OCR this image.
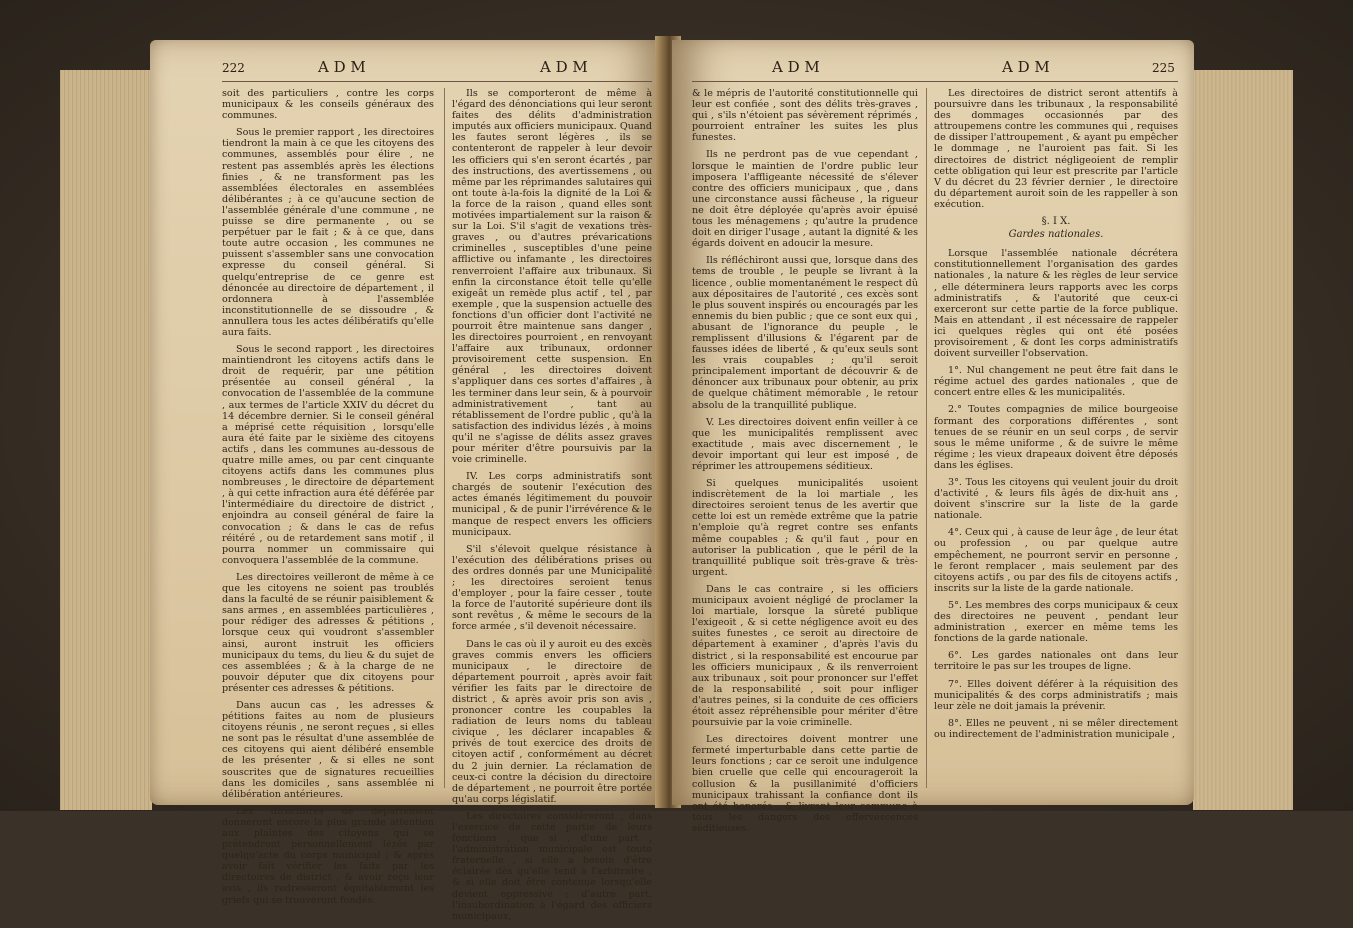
222	A D M	A D M

soit des particuliers , contre les corps municipaux & les conseils généraux des communes.

Sous le premier rapport , les directoires tiendront la main à ce que les citoyens des communes, assemblés pour élire , ne restent pas assemblés après les élections finies , & ne transforment pas les assemblées électorales en assemblées délibérantes ; à ce qu'aucune section de l'assemblée générale d'une commune , ne puisse se dire permanente , ou se perpétuer par le fait ; & à ce que, dans toute autre occasion , les communes ne puissent s'assembler sans une convocation expresse du conseil général. Si quelqu'entreprise de ce genre est dénoncée au directoire de département , il ordonnera à l'assemblée inconstitutionnelle de se dissoudre , & annullera tous les actes délibératifs qu'elle aura faits.

Sous le second rapport , les directoires maintiendront les citoyens actifs dans le droit de requérir, par une pétition présentée au conseil général , la convocation de l'assemblée de la commune , aux termes de l'article XXIV du décret du 14 décembre dernier. Si le conseil général a méprisé cette réquisition , lorsqu'elle aura été faite par le sixième des citoyens actifs , dans les communes au-dessous de quatre mille ames, ou par cent cinquante citoyens actifs dans les communes plus nombreuses , le directoire de département , à qui cette infraction aura été déférée par l'intermédiaire du directoire de district , enjoindra au conseil général de faire la convocation ; & dans le cas de refus réitéré , ou de retardement sans motif , il pourra nommer un commissaire qui convoquera l'assemblée de la commune.

Les directoires veilleront de même à ce que les citoyens ne soient pas troublés dans la faculté de se réunir paisiblement & sans armes , en assemblées particulières , pour rédiger des adresses & pétitions , lorsque ceux qui voudront s'assembler ainsi, auront instruit les officiers municipaux du tems, du lieu & du sujet de ces assemblées ; & à la charge de ne pouvoir députer que dix citoyens pour présenter ces adresses & pétitions.

Dans aucun cas , les adresses & pétitions faites au nom de plusieurs citoyens réunis , ne seront reçues , si elles ne sont pas le résultat d'une assemblée de ces citoyens qui aient délibéré ensemble de les présenter , & si elles ne sont souscrites que de signatures recueillies dans les domiciles , sans assemblée ni délibération antérieures.

Les directoires de département donneront encore la plus grande attention aux plaintes des citoyens qui se prétendront personnellement lézés par quelqu'acte du corps municipal ; & après avoir fait vérifier les faits par les directoires de district , & avoir reçu leur avis , ils redresseront équitablement les griefs qui se trouveront fondés.

Ils se comporteront de même à l'égard des dénonciations qui leur seront faites des délits d'administration imputés aux officiers municipaux. Quand les fautes seront légères , ils se contenteront de rappeler à leur devoir les officiers qui s'en seront écartés , par des instructions, des avertissemens , ou même par les réprimandes salutaires qui ont toute à-la-fois la dignité de la Loi & la force de la raison , quand elles sont motivées impartialement sur la raison & sur la Loi. S'il s'agit de vexations très-graves , ou d'autres prévarications criminelles , susceptibles d'une peine afflictive ou infamante , les directoires renverroient l'affaire aux tribunaux. Si enfin la circonstance étoit telle qu'elle exigeât un remède plus actif , tel , par exemple , que la suspension actuelle des fonctions d'un officier dont l'activité ne pourroit être maintenue sans danger , les directoires pourroient , en renvoyant l'affaire aux tribunaux, ordonner provisoirement cette suspension. En général , les directoires doivent s'appliquer dans ces sortes d'affaires , à les terminer dans leur sein, & à pourvoir administrativement , tant au rétablissement de l'ordre public , qu'à la satisfaction des individus lézés , à moins qu'il ne s'agisse de délits assez graves pour mériter d'être poursuivis par la voie criminelle.

IV. Les corps administratifs sont chargés de soutenir l'exécution des actes émanés légitimement du pouvoir municipal , & de punir l'irrévérence & le manque de respect envers les officiers municipaux.

S'il s'élevoit quelque résistance à l'exécution des délibérations prises ou des ordres donnés par une Municipalité ; les directoires seroient tenus d'employer , pour la faire cesser , toute la force de l'autorité supérieure dont ils sont revêtus , & même le secours de la force armée , s'il devenoit nécessaire.

Dans le cas où il y auroit eu des excès graves commis envers les officiers municipaux , le directoire de département pourroit , après avoir fait vérifier les faits par le directoire de district , & après avoir pris son avis , prononcer contre les coupables la radiation de leurs noms du tableau civique , les déclarer incapables & privés de tout exercice des droits de citoyen actif , conformément au décret du 2 juin dernier. La réclamation de ceux-ci contre la décision du directoire de département , ne pourroit être portée qu'au corps législatif.

Les directoires considéreront , dans l'exercice de cette partie de leurs fonctions , que si , d'une part , l'administration municipale est toute fraternelle , si elle a besoin d'être éclairée dès qu'elle tend à l'arbitraire , & si elle doit être contenue lorsqu'elle devient oppressive ; d'autre part, l'insubordination à l'égard des officiers municipaux,

A D M	A D M	225

& le mépris de l'autorité constitutionnelle qui leur est confiée , sont des délits très-graves , qui , s'ils n'étoient pas sévèrement réprimés , pourroient entraîner les suites les plus funestes.

Ils ne perdront pas de vue cependant , lorsque le maintien de l'ordre public leur imposera l'affligeante nécessité de s'élever contre des officiers municipaux , que , dans une circonstance aussi fâcheuse , la rigueur ne doit être déployée qu'après avoir épuisé tous les ménagemens ; qu'autre la prudence doit en diriger l'usage , autant la dignité & les égards doivent en adoucir la mesure.

Ils réfléchiront aussi que, lorsque dans des tems de trouble , le peuple se livrant à la licence , oublie momentanément le respect dû aux dépositaires de l'autorité , ces excès sont le plus souvent inspirés ou encouragés par les ennemis du bien public ; que ce sont eux qui , abusant de l'ignorance du peuple , le remplissent d'illusions & l'égarent par de fausses idées de liberté , & qu'eux seuls sont les vrais coupables ; qu'il seroit principalement important de découvrir & de dénoncer aux tribunaux pour obtenir, au prix de quelque châtiment mémorable , le retour absolu de la tranquillité publique.

V. Les directoires doivent enfin veiller à ce que les municipalités remplissent avec exactitude , mais avec discernement , le devoir important qui leur est imposé , de réprimer les attroupemens séditieux.

Si quelques municipalités usoient indiscrètement de la loi martiale , les directoires seroient tenus de les avertir que cette loi est un remède extrême que la patrie n'emploie qu'à regret contre ses enfants même coupables ; & qu'il faut , pour en autoriser la publication , que le péril de la tranquillité publique soit très-grave & très-urgent.

Dans le cas contraire , si les officiers municipaux avoient négligé de proclamer la loi martiale, lorsque la sûreté publique l'exigeoit , & si cette négligence avoit eu des suites funestes , ce seroit au directoire de département à examiner , d'après l'avis du district , si la responsabilité est encourue par les officiers municipaux , & ils renverroient aux tribunaux , soit pour prononcer sur l'effet de la responsabilité , soit pour infliger d'autres peines, si la conduite de ces officiers étoit assez répréhensible pour mériter d'être poursuivie par la voie criminelle.

Les directoires doivent montrer une fermeté imperturbable dans cette partie de leurs fonctions ; car ce seroit une indulgence bien cruelle que celle qui encourageroit la collusion & la pusillanimité d'officiers municipaux trahissant la confiance dont ils ont été honorés , & livrant leur commune à tous les dangers des effervescences séditieuses.

Les directoires de district seront attentifs à poursuivre dans les tribunaux , la responsabilité des dommages occasionnés par des attroupemens contre les communes qui , requises de dissiper l'attroupement , & ayant pu empêcher le dommage , ne l'auroient pas fait. Si les directoires de district négligeoient de remplir cette obligation qui leur est prescrite par l'article V du décret du 23 février dernier , le directoire du département auroit soin de les rappeller à son exécution.

§. I X.
Gardes nationales.

Lorsque l'assemblée nationale décrétera constitutionnellement l'organisation des gardes nationales , la nature & les règles de leur service , elle déterminera leurs rapports avec les corps administratifs , & l'autorité que ceux-ci exerceront sur cette partie de la force publique. Mais en attendant , il est nécessaire de rappeler ici quelques règles qui ont été posées provisoirement , & dont les corps administratifs doivent surveiller l'observation.

1°. Nul changement ne peut être fait dans le régime actuel des gardes nationales , que de concert entre elles & les municipalités.

2.° Toutes compagnies de milice bourgeoise formant des corporations différentes , sont tenues de se réunir en un seul corps , de servir sous le même uniforme , & de suivre le même régime ; les vieux drapeaux doivent être déposés dans les églises.

3°. Tous les citoyens qui veulent jouir du droit d'activité , & leurs fils âgés de dix-huit ans , doivent s'inscrire sur la liste de la garde nationale.

4°. Ceux qui , à cause de leur âge , de leur état ou profession , ou par quelque autre empêchement, ne pourront servir en personne , le feront remplacer , mais seulement par des citoyens actifs , ou par des fils de citoyens actifs , inscrits sur la liste de la garde nationale.

5°. Les membres des corps municipaux & ceux des directoires ne peuvent , pendant leur administration , exercer en même tems les fonctions de la garde nationale.

6°. Les gardes nationales ont dans leur territoire le pas sur les troupes de ligne.

7°. Elles doivent déférer à la réquisition des municipalités & des corps administratifs ; mais leur zèle ne doit jamais la prévenir.

8°. Elles ne peuvent , ni se mêler directement ou indirectement de l'administration municipale ,
